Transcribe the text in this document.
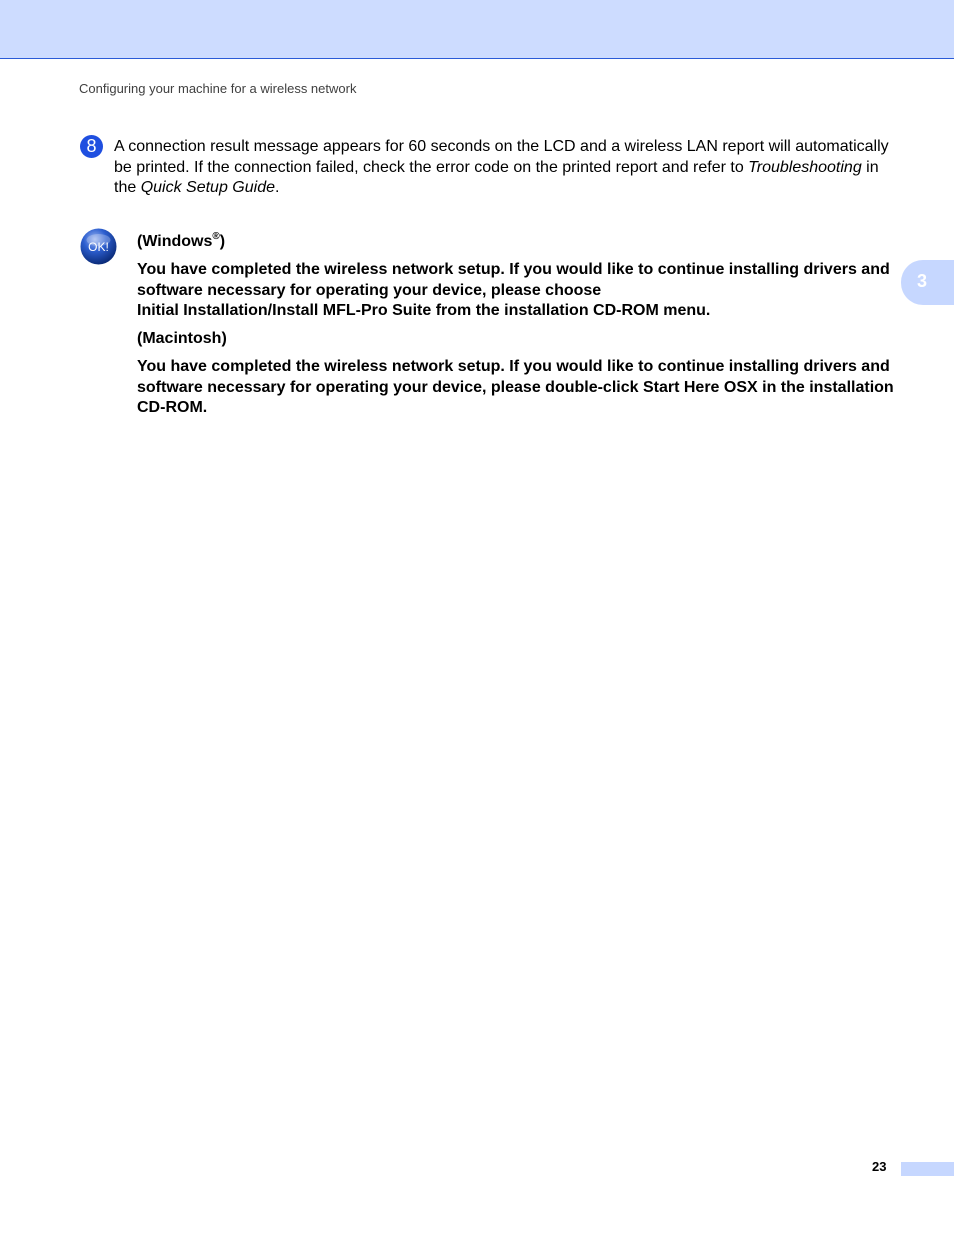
Configuring your machine for a wireless network
8	A connection result message appears for 60 seconds on the LCD and a wireless LAN report will automatically be printed. If the connection failed, check the error code on the printed report and refer to Troubleshooting in the Quick Setup Guide.
OK! (Windows®)

You have completed the wireless network setup. If you would like to continue installing drivers and software necessary for operating your device, please choose

Initial Installation/Install MFL-Pro Suite from the installation CD-ROM menu.

(Macintosh)

You have completed the wireless network setup. If you would like to continue installing drivers and software necessary for operating your device, please double-click Start Here OSX in the installation CD-ROM.

3
23
